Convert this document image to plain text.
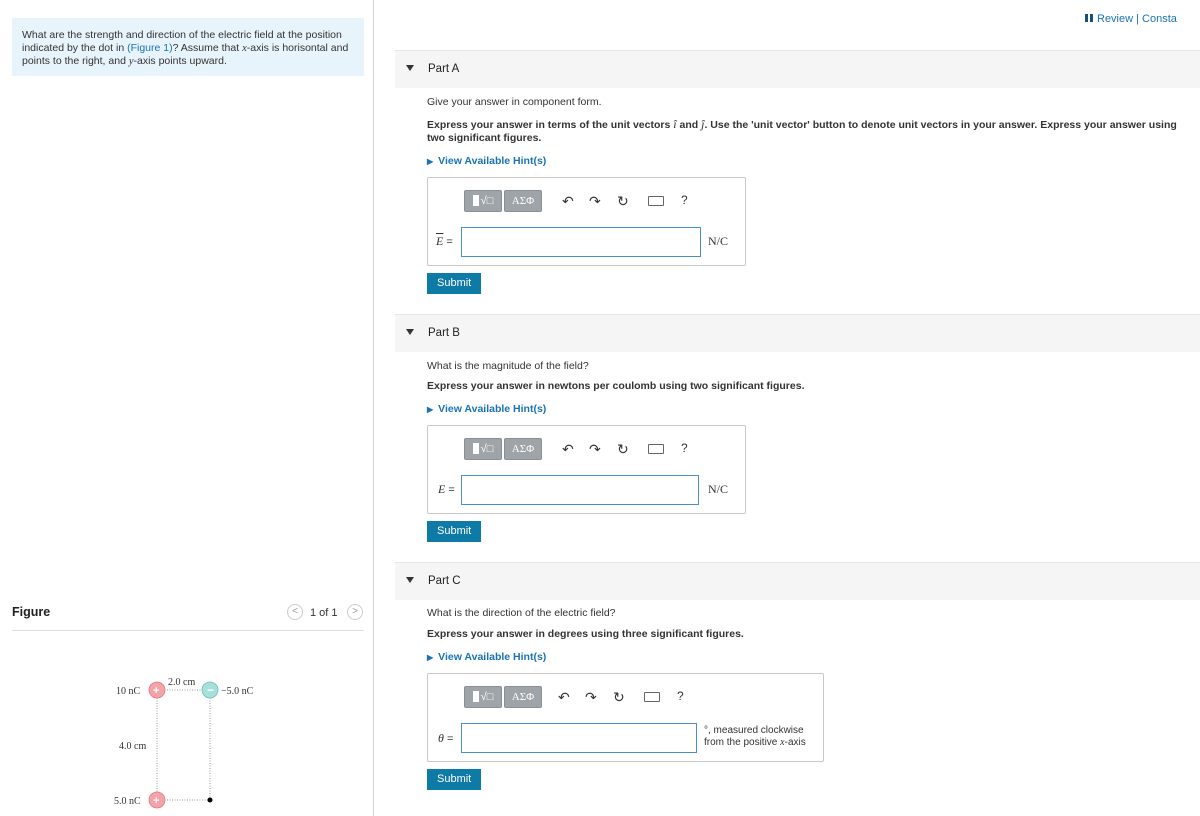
What are the strength and direction of the electric field at the position indicated by the dot in (Figure 1)? Assume that x-axis is horisontal and points to the right, and y-axis points upward.
Figure	<	1 of 1	>
+	−
+
10 nC	−5.0 nC
5.0 nC
2.0 cm
4.0 cm
Review | Consta
Part A
Give your answer in component form.
Express your answer in terms of the unit vectors î and ĵ. Use the 'unit vector' button to denote unit vectors in your answer. Express your answer using two significant figures.
▶ View Available Hint(s)
√□	ΑΣΦ	↶ ↷ ↻	?
$\overline{E}$ =	N/C
Submit
Part B
What is the magnitude of the field?
Express your answer in newtons per coulomb using two significant figures.
▶ View Available Hint(s)
√□	ΑΣΦ	↶ ↷ ↻	?
E =	N/C
Submit
Part C
What is the direction of the electric field?
Express your answer in degrees using three significant figures.
▶ View Available Hint(s)
√□	ΑΣΦ	↶ ↷ ↻	?
θ =
°, measured clockwise
from the positive x-axis
Submit
